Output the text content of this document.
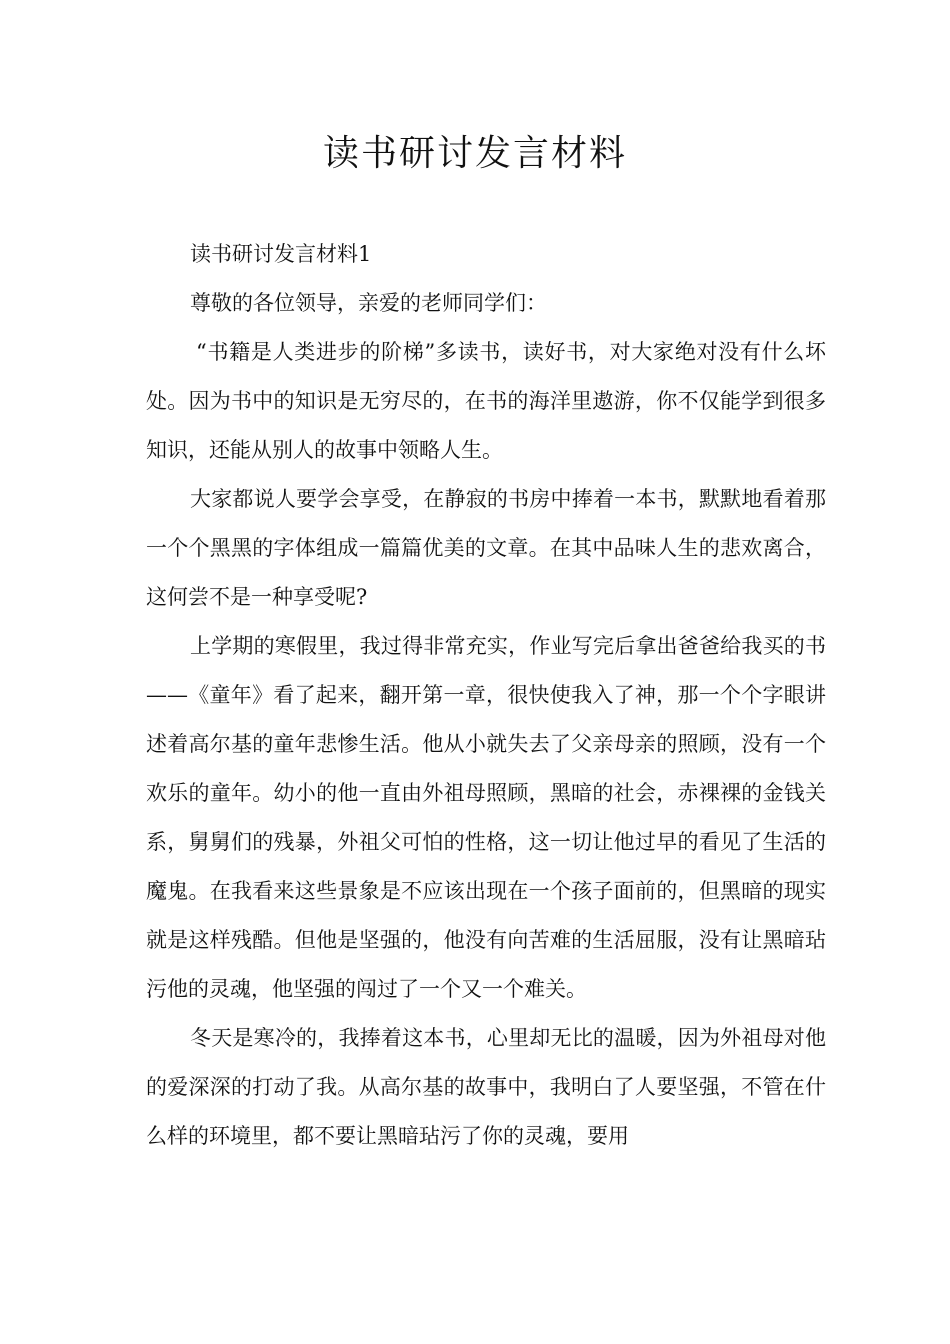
读书研讨发言材料

读书研讨发言材料1

尊敬的各位领导，亲爱的老师同学们：

“书籍是人类进步的阶梯”多读书，读好书，对大家绝对没有什么坏处。因为书中的知识是无穷尽的，在书的海洋里遨游，你不仅能学到很多知识，还能从别人的故事中领略人生。

大家都说人要学会享受，在静寂的书房中捧着一本书，默默地看着那一个个黑黑的字体组成一篇篇优美的文章。在其中品味人生的悲欢离合，这何尝不是一种享受呢?

上学期的寒假里，我过得非常充实，作业写完后拿出爸爸给我买的书——《童年》看了起来，翻开第一章，很快使我入了神，那一个个字眼讲述着高尔基的童年悲惨生活。他从小就失去了父亲母亲的照顾，没有一个欢乐的童年。幼小的他一直由外祖母照顾，黑暗的社会，赤裸裸的金钱关系，舅舅们的残暴，外祖父可怕的性格，这一切让他过早的看见了生活的魔鬼。在我看来这些景象是不应该出现在一个孩子面前的，但黑暗的现实就是这样残酷。但他是坚强的，他没有向苦难的生活屈服，没有让黑暗玷污他的灵魂，他坚强的闯过了一个又一个难关。

冬天是寒冷的，我捧着这本书，心里却无比的温暖，因为外祖母对他的爱深深的打动了我。从高尔基的故事中，我明白了人要坚强，不管在什么样的环境里，都不要让黑暗玷污了你的灵魂，要用
